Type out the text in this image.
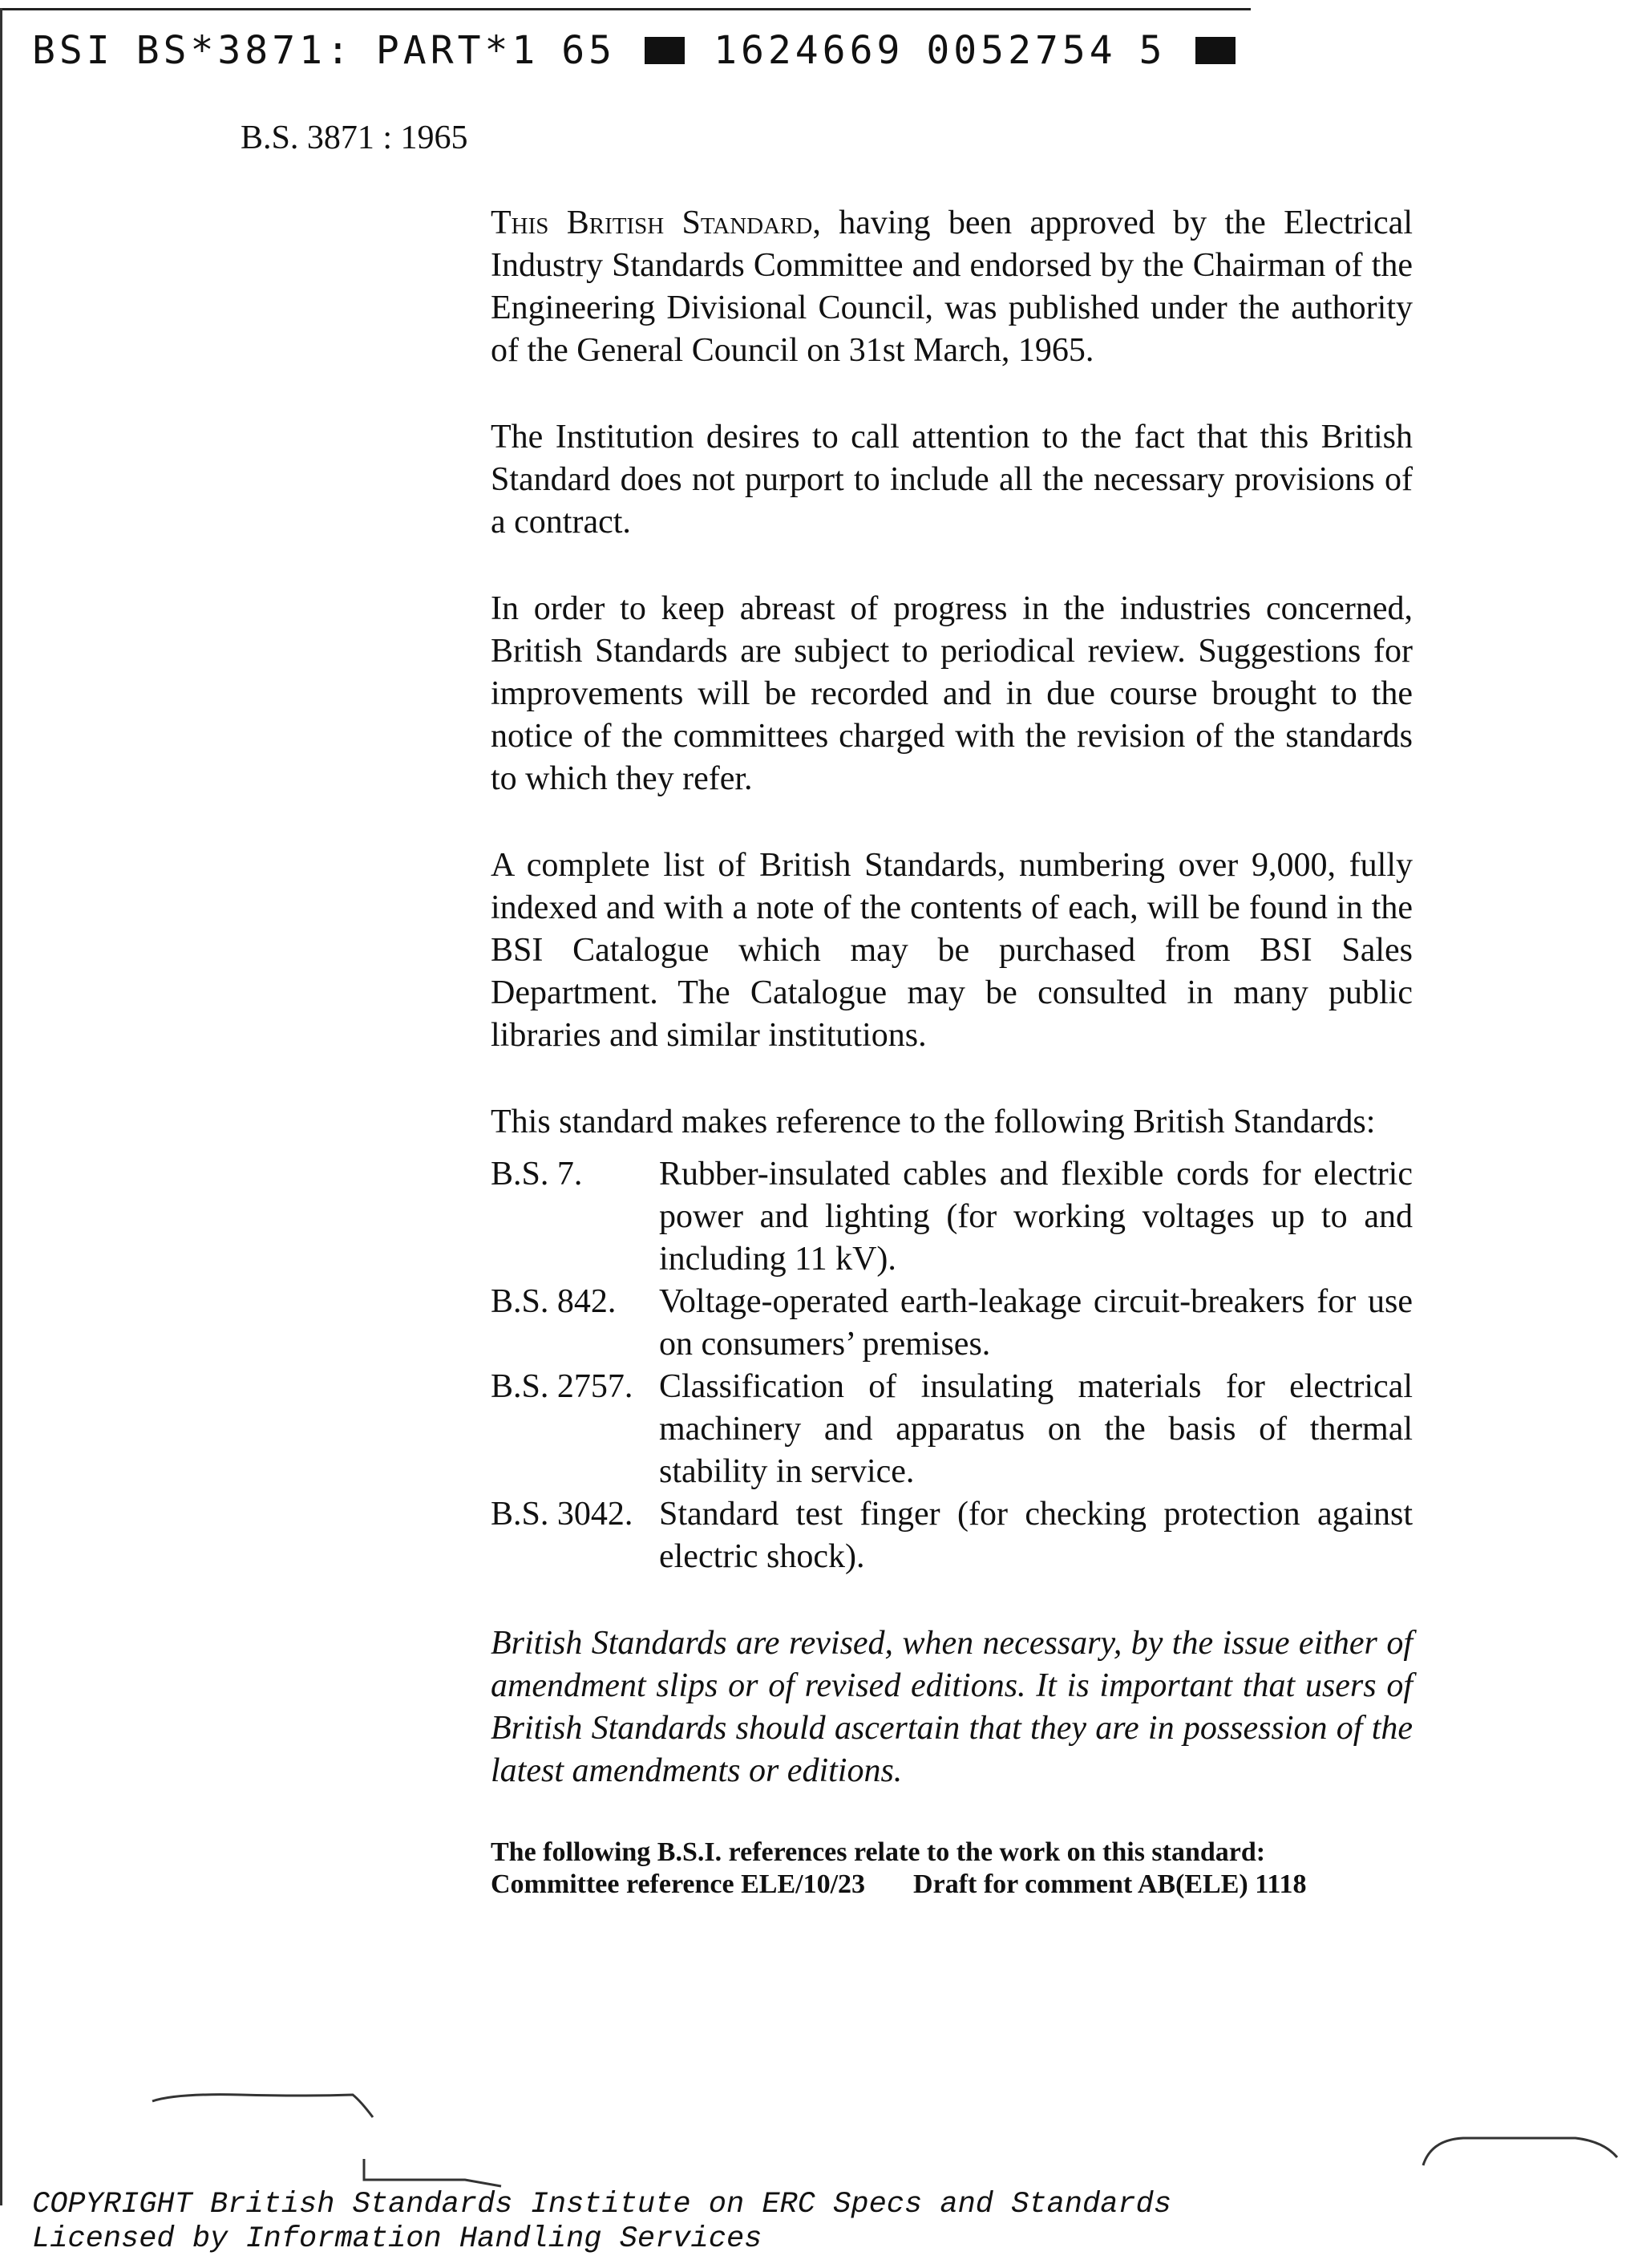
BSI BS*3871: PART*1 65	1624669 0052754 5
B.S. 3871 : 1965

This British Standard, having been approved by the Electrical Industry Standards Committee and endorsed by the Chairman of the Engineering Divisional Council, was published under the authority of the General Council on 31st March, 1965.

The Institution desires to call attention to the fact that this British Standard does not purport to include all the necessary provisions of a contract.

In order to keep abreast of progress in the industries concerned, British Standards are subject to periodical review. Suggestions for improvements will be recorded and in due course brought to the notice of the committees charged with the revision of the standards to which they refer.

A complete list of British Standards, numbering over 9,000, fully indexed and with a note of the contents of each, will be found in the BSI Catalogue which may be purchased from BSI Sales Department. The Catalogue may be consulted in many public libraries and similar institutions.

This standard makes reference to the following British Standards:

B.S. 7.	Rubber-insulated cables and flexible cords for electric power and lighting (for working voltages up to and including 11 kV).
B.S. 842.	Voltage-operated earth-leakage circuit-breakers for use on consumers’ premises.
B.S. 2757. Classification of insulating materials for electrical machinery and apparatus on the basis of thermal stability in service.
B.S. 3042. Standard test finger (for checking protection against electric shock).

British Standards are revised, when necessary, by the issue either of amendment slips or of revised editions. It is important that users of British Standards should ascertain that they are in possession of the latest amendments or editions.

The following B.S.I. references relate to the work on this standard:
Committee reference ELE/10/23 Draft for comment AB(ELE) 1118
COPYRIGHT British Standards Institute on ERC Specs and Standards
Licensed by Information Handling Services
